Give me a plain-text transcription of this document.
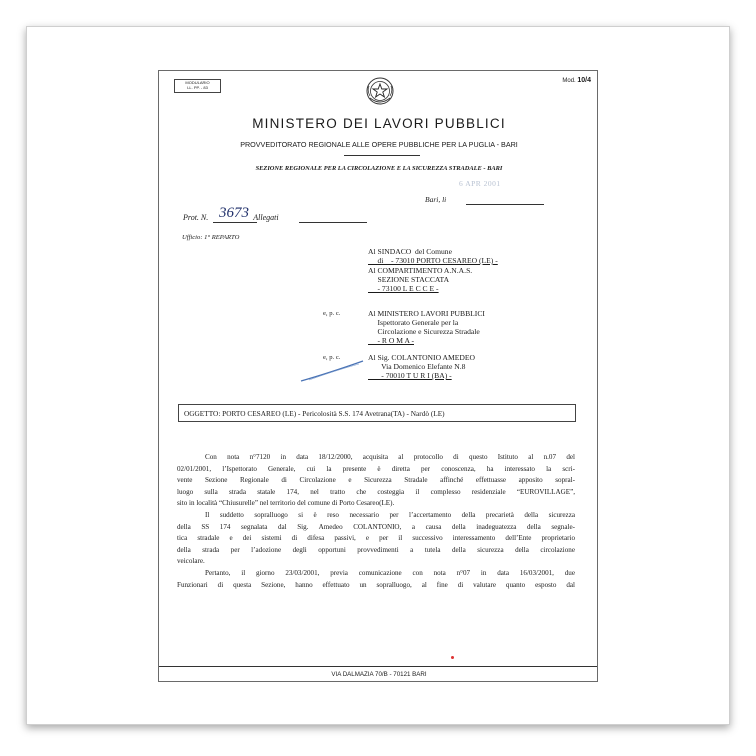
MODULARIO
LL. PP. - 83
Mod. 10/4
MINISTERO DEI LAVORI PUBBLICI
PROVVEDITORATO REGIONALE ALLE OPERE PUBBLICHE PER LA PUGLIA - BARI
SEZIONE REGIONALE PER LA CIRCOLAZIONE E LA SICUREZZA STRADALE - BARI
6 APR 2001
Bari, li
Prot. N.	Allegati
3673
Ufficio: 1° REPARTO
Al SINDACO  del Comune
di    - 73010 PORTO CESAREO (LE) -
Al COMPARTIMENTO A.N.A.S.
SEZIONE STACCATA
- 73100 L E C C E -
e, p. c.	Al MINISTERO LAVORI PUBBLICI
Ispettorato Generale per la
Circolazione e Sicurezza Stradale
- R O M A -
e, p. c.	Al Sig. COLANTONIO AMEDEO
Via Domenico Elefante N.8
- 70010 T U R I (BA) -
OGGETTO: PORTO CESAREO (LE) - Pericolosità S.S. 174 Avetrana(TA) - Nardò (LE)

Con nota n°7120 in data 18/12/2000, acquisita al protocollo di questo Istituto al n.07 del

02/01/2001, l’Ispettorato Generale, cui la presente è diretta per conoscenza, ha interessato la scri-

vente Sezione Regionale di Circolazione e Sicurezza Stradale affinché effettuasse apposito sopral-

luogo sulla strada statale 174, nel tratto che costeggia il complesso residenziale “EUROVILLAGE”,

sito in località “Chiusurelle” nel territorio del comune di Porto Cesareo(LE).

Il suddetto sopralluogo si è reso necessario per l’accertamento della precarietà della sicurezza

della SS 174 segnalata dal Sig. Amedeo COLANTONIO, a causa della inadeguatezza della segnale-

tica stradale e dei sistemi di difesa passivi, e per il successivo interessamento dell’Ente proprietario

della strada per l’adozione degli opportuni provvedimenti a tutela della sicurezza della circolazione

veicolare.

Pertanto, il giorno 23/03/2001, previa comunicazione con nota n°07 in data 16/03/2001, due

Funzionari di questa Sezione, hanno effettuato un sopralluogo, al fine di valutare quanto esposto dal

VIA DALMAZIA 70/B - 70121 BARI
